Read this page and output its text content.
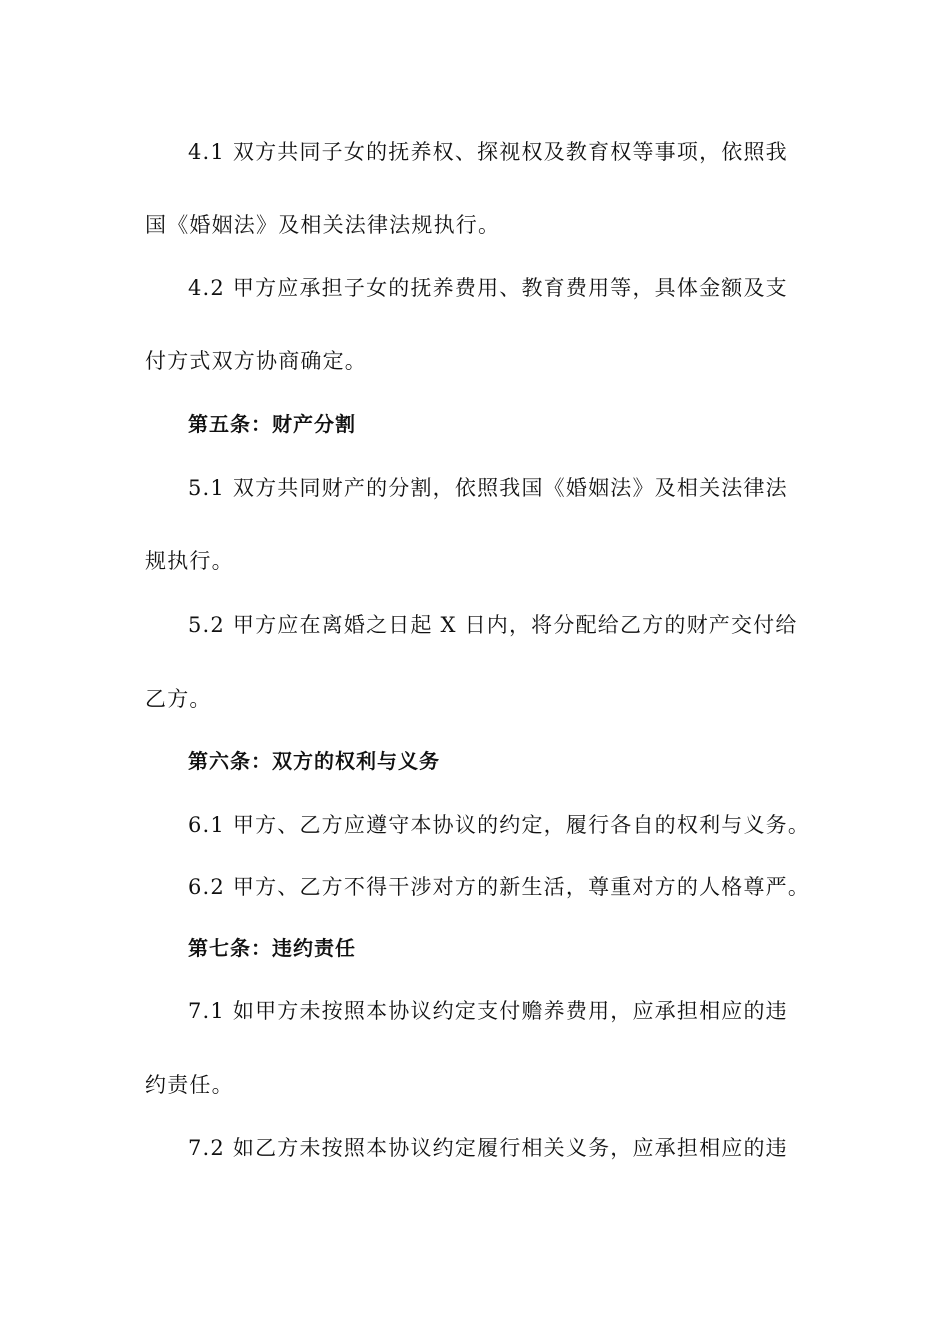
4.1 双方共同子女的抚养权、探视权及教育权等事项，依照我
国《婚姻法》及相关法律法规执行。
4.2 甲方应承担子女的抚养费用、教育费用等，具体金额及支
付方式双方协商确定。
第五条：财产分割
5.1 双方共同财产的分割，依照我国《婚姻法》及相关法律法
规执行。
5.2 甲方应在离婚之日起 X 日内，将分配给乙方的财产交付给
乙方。
第六条：双方的权利与义务
6.1 甲方、乙方应遵守本协议的约定，履行各自的权利与义务。
6.2 甲方、乙方不得干涉对方的新生活，尊重对方的人格尊严。
第七条：违约责任
7.1 如甲方未按照本协议约定支付赡养费用，应承担相应的违
约责任。
7.2 如乙方未按照本协议约定履行相关义务，应承担相应的违
